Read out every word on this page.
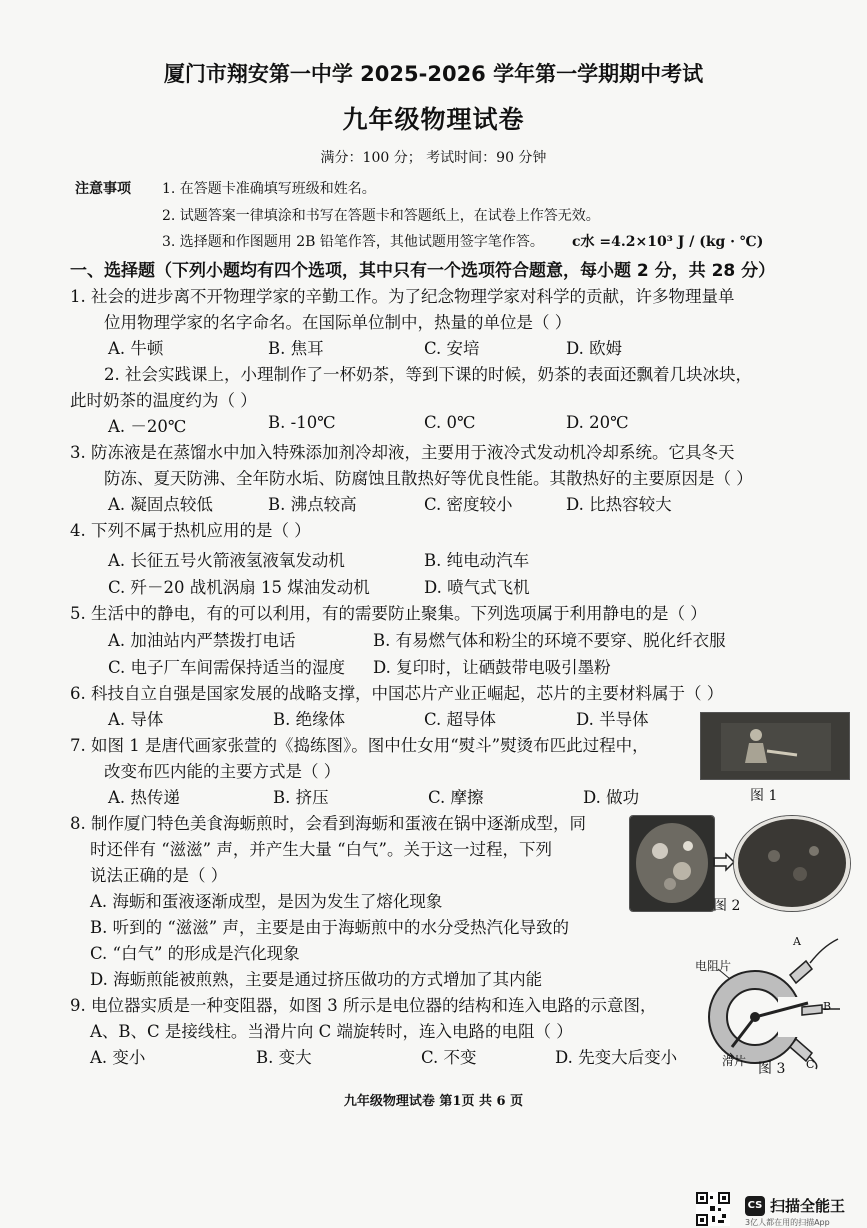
厦门市翔安第一中学 2025-2026 学年第一学期期中考试
九年级物理试卷
满分：100 分； 考试时间：90 分钟
注意事项 1. 在答题卡准确填写班级和姓名。
2. 试题答案一律填涂和书写在答题卡和答题纸上，在试卷上作答无效。
3. 选择题和作图题用 2B 铅笔作答，其他试题用签字笔作答。 c水 =4.2×10³ J / (kg · ℃)
一、选择题（下列小题均有四个选项，其中只有一个选项符合题意，每小题 2 分，共 28 分）
1. 社会的进步离不开物理学家的辛勤工作。为了纪念物理学家对科学的贡献，许多物理量单
位用物理学家的名字命名。在国际单位制中，热量的单位是（ ）
A. 牛顿	B. 焦耳	C. 安培	D. 欧姆
2. 社会实践课上，小理制作了一杯奶茶，等到下课的时候，奶茶的表面还飘着几块冰块，
此时奶茶的温度约为（ ）
A. －20℃	B. -10℃	C. 0℃	D. 20℃
3. 防冻液是在蒸馏水中加入特殊添加剂冷却液，主要用于液冷式发动机冷却系统。它具冬天
防冻、夏天防沸、全年防水垢、防腐蚀且散热好等优良性能。其散热好的主要原因是（ ）
A. 凝固点较低	B. 沸点较高	C. 密度较小	D. 比热容较大
4. 下列不属于热机应用的是（ ）
A. 长征五号火箭液氢液氧发动机	B. 纯电动汽车
C. 歼－20 战机涡扇 15 煤油发动机	D. 喷气式飞机
5. 生活中的静电，有的可以利用，有的需要防止聚集。下列选项属于利用静电的是（ ）
A. 加油站内严禁拨打电话	B. 有易燃气体和粉尘的环境不要穿、脱化纤衣服
C. 电子厂车间需保持适当的湿度 D. 复印时，让硒鼓带电吸引墨粉
6. 科技自立自强是国家发展的战略支撑，中国芯片产业正崛起，芯片的主要材料属于（ ）
A. 导体	B. 绝缘体	C. 超导体	D. 半导体
7. 如图 1 是唐代画家张萱的《捣练图》。图中仕女用“熨斗”熨烫布匹此过程中，
改变布匹内能的主要方式是（ ）
A. 热传递	B. 挤压	C. 摩擦	D. 做功	图 1
8. 制作厦门特色美食海蛎煎时，会看到海蛎和蛋液在锅中逐渐成型，同
时还伴有 “滋滋” 声，并产生大量 “白气”。关于这一过程，下列
说法正确的是（ ）
A. 海蛎和蛋液逐渐成型，是因为发生了熔化现象
B. 听到的 “滋滋” 声，主要是由于海蛎煎中的水分受热汽化导致的
C. “白气” 的形成是汽化现象
D. 海蛎煎能被煎熟，主要是通过挤压做功的方式增加了其内能
图 2
9. 电位器实质是一种变阻器，如图 3 所示是电位器的结构和连入电路的示意图，
A、B、C 是接线柱。当滑片向 C 端旋转时，连入电路的电阻（ ）
A. 变小	B. 变大	C. 不变	D. 先变大后变小
A
B
C
电阻片
滑片 图 3
九年级物理试卷 第1页 共 6 页
CS 扫描全能王
3亿人都在用的扫描App
